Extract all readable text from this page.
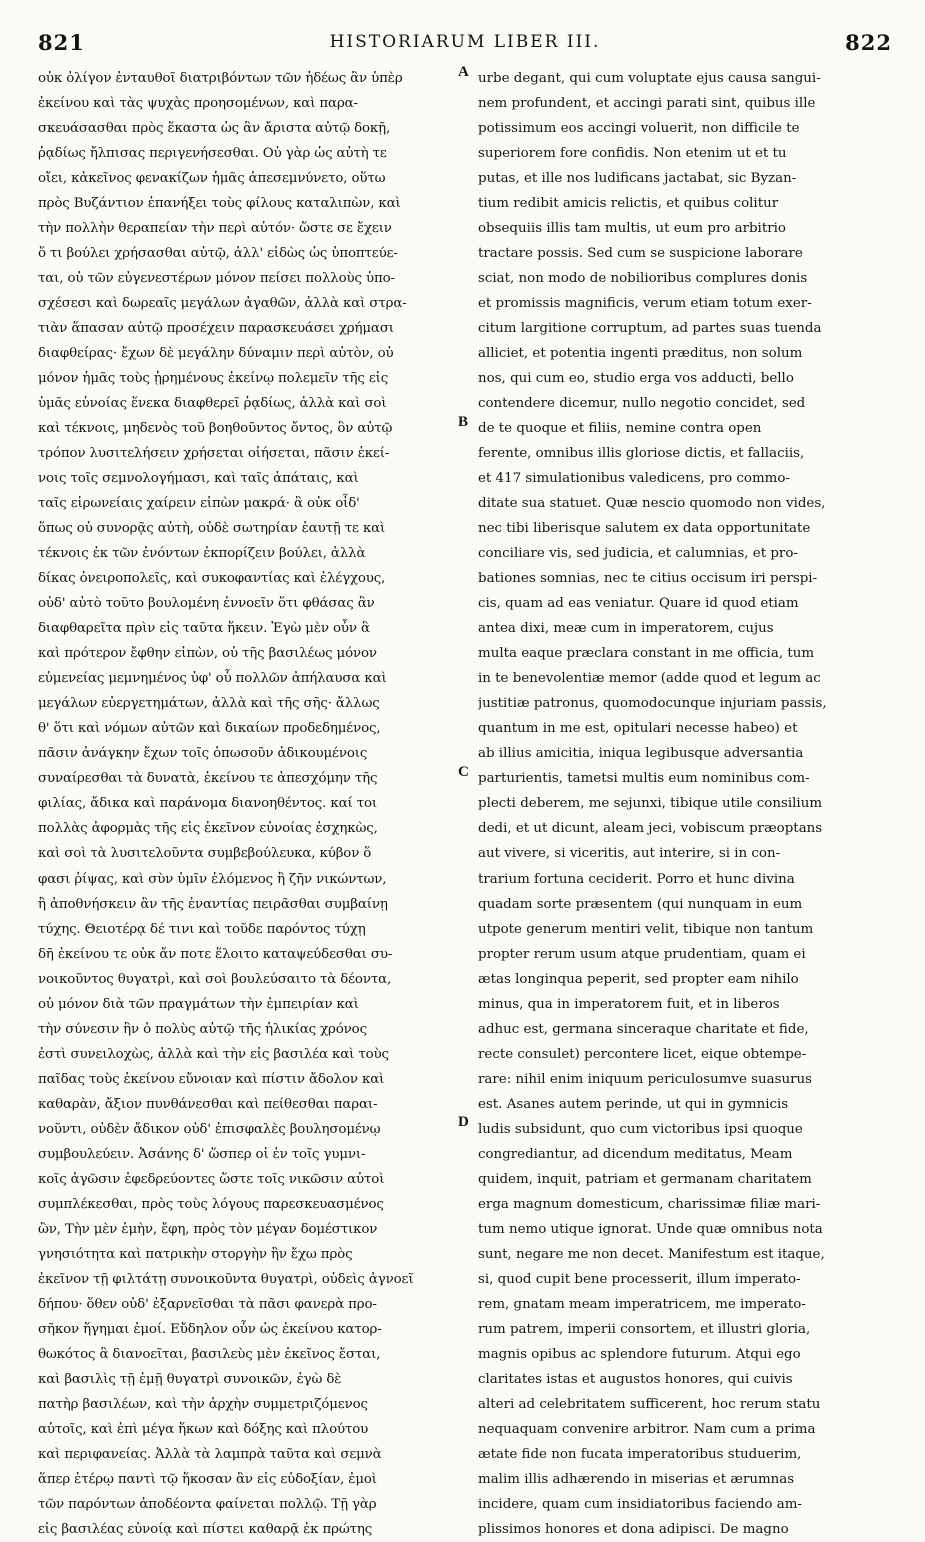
821	HISTORIARUM LIBER III.	822
οὐκ ὀλίγον ἐνταυθοῖ διατριβόντων τῶν ἡδέως ἂν ὑπὲρ
ἐκείνου καὶ τὰς ψυχὰς προησομένων, καὶ παρα-
σκευάσασθαι πρὸς ἕκαστα ὡς ἂν ἄριστα αὐτῷ δοκῇ,
ῥᾳδίως ἤλπισας περιγενήσεσθαι. Οὐ γὰρ ὡς αὐτὴ τε
οἴει, κἀκεῖνος φενακίζων ἡμᾶς ἀπεσεμνύνετο, οὕτω
πρὸς Βυζάντιον ἐπανήξει τοὺς φίλους καταλιπὼν, καὶ
τὴν πολλὴν θεραπείαν τὴν περὶ αὐτόν· ὥστε σε ἔχειν
ὅ τι βούλει χρήσασθαι αὐτῷ, ἀλλ' εἰδὼς ὡς ὑποπτεύε-
ται, οὐ τῶν εὐγενεστέρων μόνον πείσει πολλοὺς ὑπο-
σχέσεσι καὶ δωρεαῖς μεγάλων ἀγαθῶν, ἀλλὰ καὶ στρα-
τιὰν ἅπασαν αὐτῷ προσέχειν παρασκευάσει χρήμασι
διαφθείρας· ἔχων δὲ μεγάλην δύναμιν περὶ αὐτὸν, οὐ
μόνον ἡμᾶς τοὺς ᾑρημένους ἐκείνῳ πολεμεῖν τῆς εἰς
ὑμᾶς εὐνοίας ἕνεκα διαφθερεῖ ῥᾳδίως, ἀλλὰ καὶ σοὶ
καὶ τέκνοις, μηδενὸς τοῦ βοηθοῦντος ὄντος, ὃν αὐτῷ
τρόπον λυσιτελήσειν χρήσεται οἰήσεται, πᾶσιν ἐκεί-
νοις τοῖς σεμνολογήμασι, καὶ ταῖς ἀπάταις, καὶ
ταῖς εἰρωνείαις χαίρειν εἰπὼν μακρά· ἃ οὐκ οἶδ'
ὅπως οὐ συνορᾷς αὐτὴ, οὐδὲ σωτηρίαν ἑαυτῇ τε καὶ
τέκνοις ἐκ τῶν ἐνόντων ἐκπορίζειν βούλει, ἀλλὰ
δίκας ὀνειροπολεῖς, καὶ συκοφαντίας καὶ ἐλέγχους,
οὐδ' αὐτὸ τοῦτο βουλομένη ἐννοεῖν ὅτι φθάσας ἂν
διαφθαρεῖτα πρὶν εἰς ταῦτα ἥκειν. Ἐγὼ μὲν οὖν ἃ
καὶ πρότερον ἔφθην εἰπὼν, οὐ τῆς βασιλέως μόνον
εὐμενείας μεμνημένος ὑφ' οὗ πολλῶν ἀπήλαυσα καὶ
μεγάλων εὐεργετημάτων, ἀλλὰ καὶ τῆς σῆς· ἄλλως
θ' ὅτι καὶ νόμων αὐτῶν καὶ δικαίων προδεδημένος,
πᾶσιν ἀνάγκην ἔχων τοῖς ὁπωσοῦν ἀδικουμένοις
συναίρεσθαι τὰ δυνατὰ, ἐκείνου τε ἀπεσχόμην τῆς
φιλίας, ἄδικα καὶ παράνομα διανοηθέντος. καί τοι
πολλὰς ἀφορμὰς τῆς εἰς ἐκεῖνον εὐνοίας ἐσχηκὼς,
καὶ σοὶ τὰ λυσιτελοῦντα συμβεβούλευκα, κύβον ὅ
φασι ῥίψας, καὶ σὺν ὑμῖν ἑλόμενος ἢ ζῆν νικώντων,
ἢ ἀποθνήσκειν ἂν τῆς ἐναντίας πειρᾶσθαι συμβαίνῃ
τύχης. Θειοτέρᾳ δέ τινι καὶ τοῦδε παρόντος τύχῃ
δῆ ἐκείνου τε οὐκ ἄν ποτε ἕλοιτο καταψεύδεσθαι συ-
νοικοῦντος θυγατρὶ, καὶ σοὶ βουλεύσαιτο τὰ δέοντα,
οὐ μόνον διὰ τῶν πραγμάτων τὴν ἐμπειρίαν καὶ
τὴν σύνεσιν ἣν ὁ πολὺς αὐτῷ τῆς ἡλικίας χρόνος
ἐστὶ συνειλοχὼς, ἀλλὰ καὶ τὴν εἰς βασιλέα καὶ τοὺς
παῖδας τοὺς ἐκείνου εὔνοιαν καὶ πίστιν ἄδολον καὶ
καθαρὰν, ἄξιον πυνθάνεσθαι καὶ πείθεσθαι παραι-
νοῦντι, οὐδὲν ἄδικον οὐδ' ἐπισφαλὲς βουλησομένῳ
συμβουλεύειν. Ἀσάνης δ' ὥσπερ οἱ ἐν τοῖς γυμνι-
κοῖς ἀγῶσιν ἐφεδρεύοντες ὥστε τοῖς νικῶσιν αὐτοὶ
συμπλέκεσθαι, πρὸς τοὺς λόγους παρεσκευασμένος
ὢν, Τὴν μὲν ἐμὴν, ἔφη, πρὸς τὸν μέγαν δομέστικον
γνησιότητα καὶ πατρικὴν στοργὴν ἣν ἔχω πρὸς
ἐκεῖνον τῇ φιλτάτῃ συνοικοῦντα θυγατρὶ, οὐδεὶς ἀγνοεῖ
δήπου· ὅθεν οὐδ' ἐξαρνεῖσθαι τὰ πᾶσι φανερὰ προ-
σῆκον ἥγημαι ἐμοί. Εὔδηλον οὖν ὡς ἐκείνου κατορ-
θωκότος ἃ διανοεῖται, βασιλεὺς μὲν ἐκεῖνος ἔσται,
καὶ βασιλὶς τῇ ἐμῇ θυγατρὶ συνοικῶν, ἐγὼ δὲ
πατὴρ βασιλέων, καὶ τὴν ἀρχὴν συμμετριζόμενος
αὐτοῖς, καὶ ἐπὶ μέγα ἥκων καὶ δόξης καὶ πλούτου
καὶ περιφανείας. Ἀλλὰ τὰ λαμπρὰ ταῦτα καὶ σεμνὰ
ἅπερ ἑτέρῳ παντὶ τῷ ἥκοσαν ἂν εἰς εὐδοξίαν, ἐμοὶ
τῶν παρόντων ἀποδέοντα φαίνεται πολλῷ. Τῇ γὰρ
εἰς βασιλέας εὐνοίᾳ καὶ πίστει καθαρᾷ ἐκ πρώτης
A
B
C
D
urbe degant, qui cum voluptate ejus causa sangui-
nem profundent, et accingi parati sint, quibus ille
potissimum eos accingi voluerit, non difficile te
superiorem fore confidis. Non etenim ut et tu
putas, et ille nos ludificans jactabat, sic Byzan-
tium redibit amicis relictis, et quibus colitur
obsequiis illis tam multis, ut eum pro arbitrio
tractare possis. Sed cum se suspicione laborare
sciat, non modo de nobilioribus complures donis
et promissis magnificis, verum etiam totum exer-
citum largitione corruptum, ad partes suas tuenda
alliciet, et potentia ingenti præditus, non solum
nos, qui cum eo, studio erga vos adducti, bello
contendere dicemur, nullo negotio concidet, sed
de te quoque et filiis, nemine contra open
ferente, omnibus illis gloriose dictis, et fallaciis,
et 417 simulationibus valedicens, pro commo-
ditate sua statuet. Quæ nescio quomodo non vides,
nec tibi liberisque salutem ex data opportunitate
conciliare vis, sed judicia, et calumnias, et pro-
bationes somnias, nec te citius occisum iri perspi-
cis, quam ad eas veniatur. Quare id quod etiam
antea dixi, meæ cum in imperatorem, cujus
multa eaque præclara constant in me officia, tum
in te benevolentiæ memor (adde quod et legum ac
justitiæ patronus, quomodocunque injuriam passis,
quantum in me est, opitulari necesse habeo) et
ab illius amicitia, iniqua legibusque adversantia
parturientis, tametsi multis eum nominibus com-
plecti deberem, me sejunxi, tibique utile consilium
dedi, et ut dicunt, aleam jeci, vobiscum præoptans
aut vivere, si viceritis, aut interire, si in con-
trarium fortuna ceciderit. Porro et hunc divina
quadam sorte præsentem (qui nunquam in eum
utpote generum mentiri velit, tibique non tantum
propter rerum usum atque prudentiam, quam ei
ætas longinqua peperit, sed propter eam nihilo
minus, qua in imperatorem fuit, et in liberos
adhuc est, germana sinceraque charitate et fide,
recte consulet) percontere licet, eique obtempe-
rare: nihil enim iniquum periculosumve suasurus
est. Asanes autem perinde, ut qui in gymnicis
ludis subsidunt, quo cum victoribus ipsi quoque
congrediantur, ad dicendum meditatus, Meam
quidem, inquit, patriam et germanam charitatem
erga magnum domesticum, charissimæ filiæ mari-
tum nemo utique ignorat. Unde quæ omnibus nota
sunt, negare me non decet. Manifestum est itaque,
si, quod cupit bene processerit, illum imperato-
rem, gnatam meam imperatricem, me imperato-
rum patrem, imperii consortem, et illustri gloria,
magnis opibus ac splendore futurum. Atqui ego
claritates istas et augustos honores, qui cuivis
alteri ad celebritatem sufficerent, hoc rerum statu
nequaquam convenire arbitror. Nam cum a prima
ætate fide non fucata imperatoribus studuerim,
malim illis adhærendo in miserias et ærumnas
incidere, quam cum insidiatoribus faciendo am-
plissimos honores et dona adipisci. De magno
